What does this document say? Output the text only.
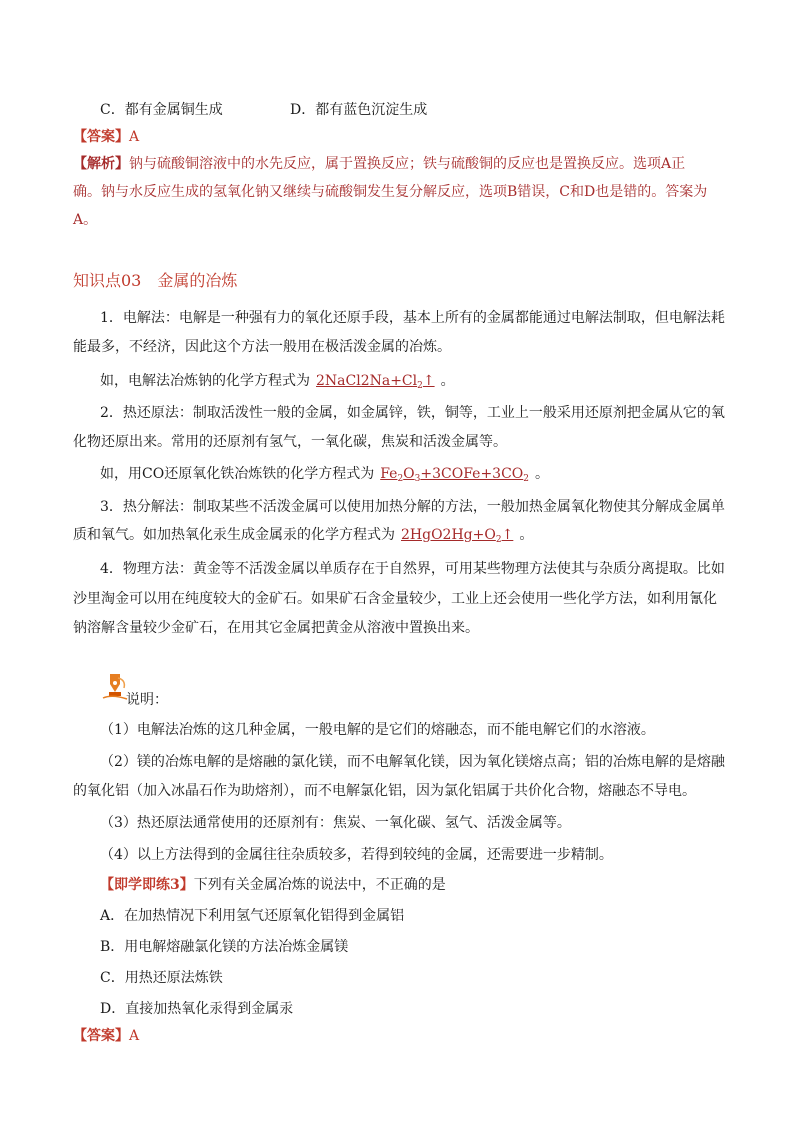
C．都有金属铜生成	D．都有蓝色沉淀生成
【答案】A
【解析】钠与硫酸铜溶液中的水先反应，属于置换反应；铁与硫酸铜的反应也是置换反应。选项A正
确。钠与水反应生成的氢氧化钠又继续与硫酸铜发生复分解反应，选项B错误，C和D也是错的。答案为
A。
知识点03 金属的冶炼
1．电解法：电解是一种强有力的氧化还原手段，基本上所有的金属都能通过电解法制取，但电解法耗
能最多，不经济，因此这个方法一般用在极活泼金属的冶炼。
如，电解法冶炼钠的化学方程式为 $2NaCl2Na+Cl_2↑$ 。
2．热还原法：制取活泼性一般的金属，如金属锌，铁，铜等，工业上一般采用还原剂把金属从它的氧
化物还原出来。常用的还原剂有氢气，一氧化碳，焦炭和活泼金属等。
如，用CO还原氧化铁冶炼铁的化学方程式为 $Fe_2O_3+3COFe+3CO_2$ 。
3．热分解法：制取某些不活泼金属可以使用加热分解的方法，一般加热金属氧化物使其分解成金属单
质和氧气。如加热氧化汞生成金属汞的化学方程式为 $2HgO2Hg+O_2↑$ 。
4．物理方法：黄金等不活泼金属以单质存在于自然界，可用某些物理方法使其与杂质分离提取。比如
沙里淘金可以用在纯度较大的金矿石。如果矿石含金量较少，工业上还会使用一些化学方法，如利用氰化
钠溶解含量较少金矿石，在用其它金属把黄金从溶液中置换出来。
说明：
（1）电解法冶炼的这几种金属，一般电解的是它们的熔融态，而不能电解它们的水溶液。
（2）镁的冶炼电解的是熔融的氯化镁，而不电解氧化镁，因为氧化镁熔点高；铝的冶炼电解的是熔融
的氧化铝（加入冰晶石作为助熔剂），而不电解氯化铝，因为氯化铝属于共价化合物，熔融态不导电。
（3）热还原法通常使用的还原剂有：焦炭、一氧化碳、氢气、活泼金属等。
（4）以上方法得到的金属往往杂质较多，若得到较纯的金属，还需要进一步精制。
【即学即练3】下列有关金属冶炼的说法中，不正确的是
A．在加热情况下利用氢气还原氧化铝得到金属铝
B．用电解熔融氯化镁的方法冶炼金属镁
C．用热还原法炼铁
D．直接加热氧化汞得到金属汞
【答案】A
